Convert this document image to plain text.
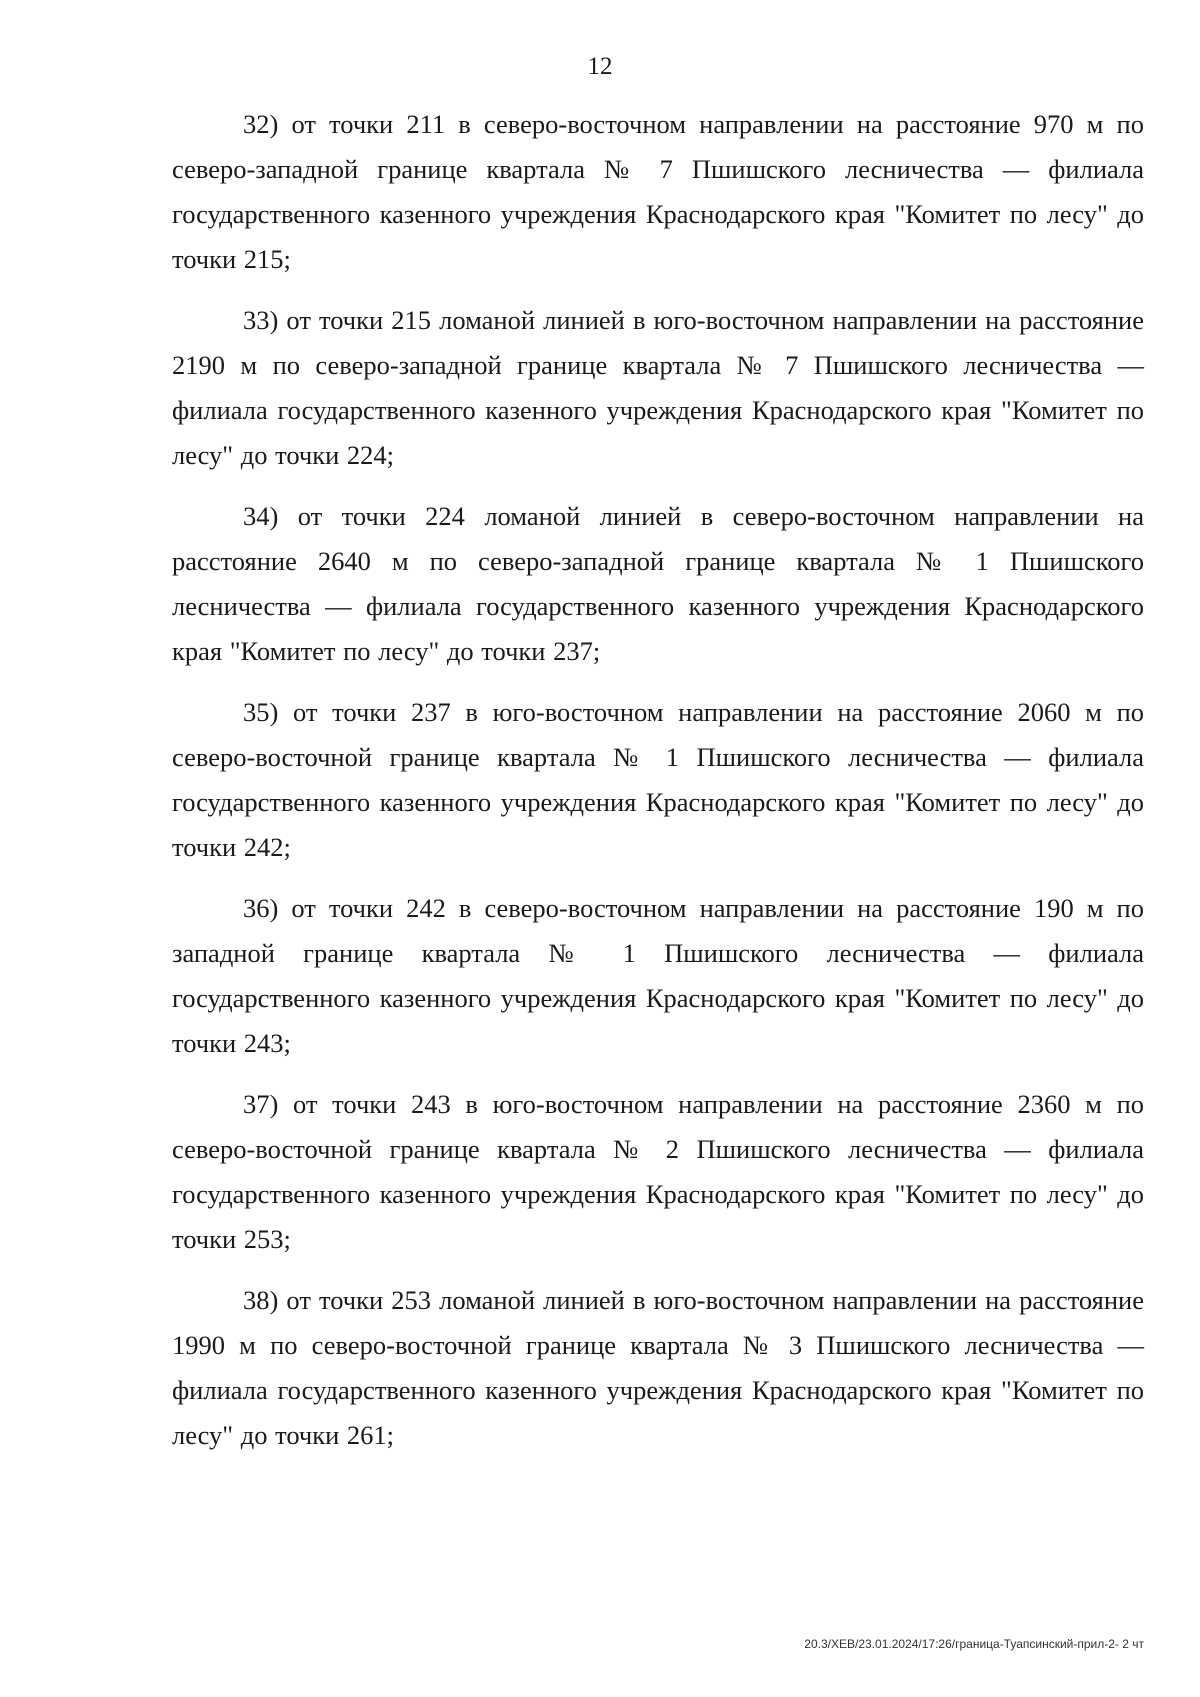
12

32) от точки 211 в северо-восточном направлении на расстояние 970 м по северо-западной границе квартала № 7 Пшишского лесничества — филиала государственного казенного учреждения Краснодарского края "Комитет по лесу" до точки 215;

33) от точки 215 ломаной линией в юго-восточном направлении на расстояние 2190 м по северо-западной границе квартала № 7 Пшишского лесничества — филиала государственного казенного учреждения Краснодарского края "Комитет по лесу" до точки 224;

34) от точки 224 ломаной линией в северо-восточном направлении на расстояние 2640 м по северо-западной границе квартала № 1 Пшишского лесничества — филиала государственного казенного учреждения Краснодарского края "Комитет по лесу" до точки 237;

35) от точки 237 в юго-восточном направлении на расстояние 2060 м по северо-восточной границе квартала № 1 Пшишского лесничества — филиала государственного казенного учреждения Краснодарского края "Комитет по лесу" до точки 242;

36) от точки 242 в северо-восточном направлении на расстояние 190 м по западной границе квартала № 1 Пшишского лесничества — филиала государственного казенного учреждения Краснодарского края "Комитет по лесу" до точки 243;

37) от точки 243 в юго-восточном направлении на расстояние 2360 м по северо-восточной границе квартала № 2 Пшишского лесничества — филиала государственного казенного учреждения Краснодарского края "Комитет по лесу" до точки 253;

38) от точки 253 ломаной линией в юго-восточном направлении на расстояние 1990 м по северо-восточной границе квартала № 3 Пшишского лесничества — филиала государственного казенного учреждения Краснодарского края "Комитет по лесу" до точки 261;

20.3/ХЕВ/23.01.2024/17:26/граница-Туапсинский-прил-2- 2 чт
